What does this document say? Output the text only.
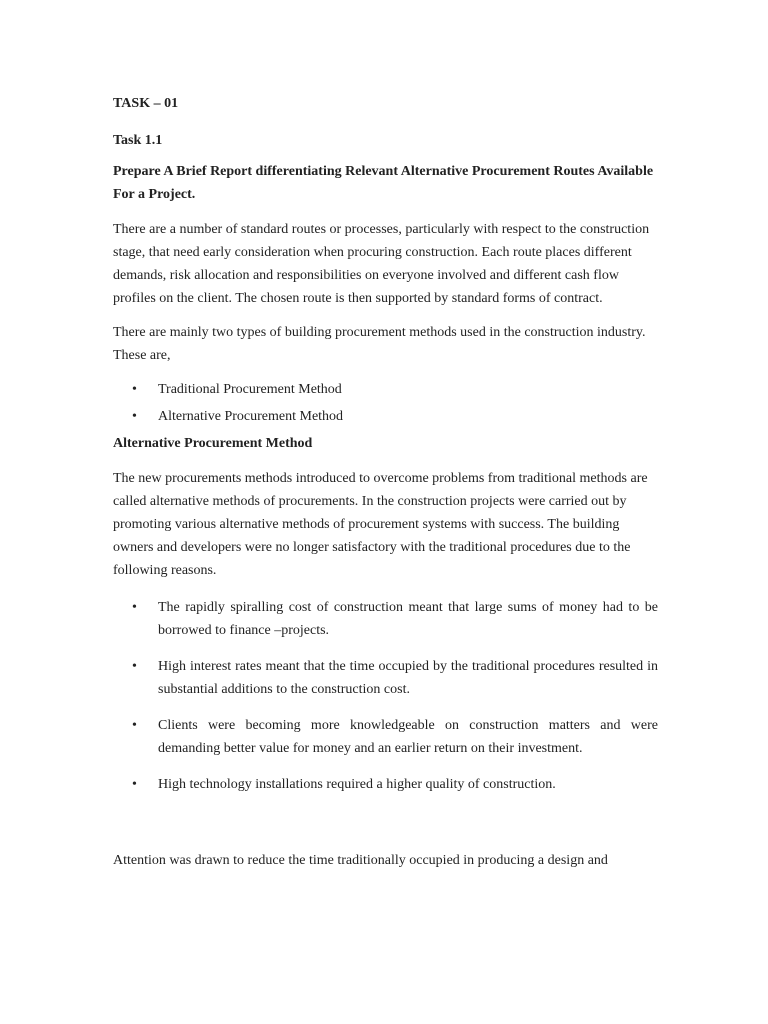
TASK – 01

Task 1.1

Prepare A Brief Report differentiating Relevant Alternative Procurement Routes Available For a Project.

There are a number of standard routes or processes, particularly with respect to the construction stage, that need early consideration when procuring construction. Each route places different demands, risk allocation and responsibilities on everyone involved and different cash flow profiles on the client. The chosen route is then supported by standard forms of contract.

There are mainly two types of building procurement methods used in the construction industry. These are,

• Traditional Procurement Method
• Alternative Procurement Method

Alternative Procurement Method

The new procurements methods introduced to overcome problems from traditional methods are called alternative methods of procurements. In the construction projects were carried out by promoting various alternative methods of procurement systems with success. The building owners and developers were no longer satisfactory with the traditional procedures due to the following reasons.

• The rapidly spiralling cost of construction meant that large sums of money had to be borrowed to finance –projects.
• High interest rates meant that the time occupied by the traditional procedures resulted in substantial additions to the construction cost.
• Clients were becoming more knowledgeable on construction matters and were demanding better value for money and an earlier return on their investment.
• High technology installations required a higher quality of construction.

Attention was drawn to reduce the time traditionally occupied in producing a design and
